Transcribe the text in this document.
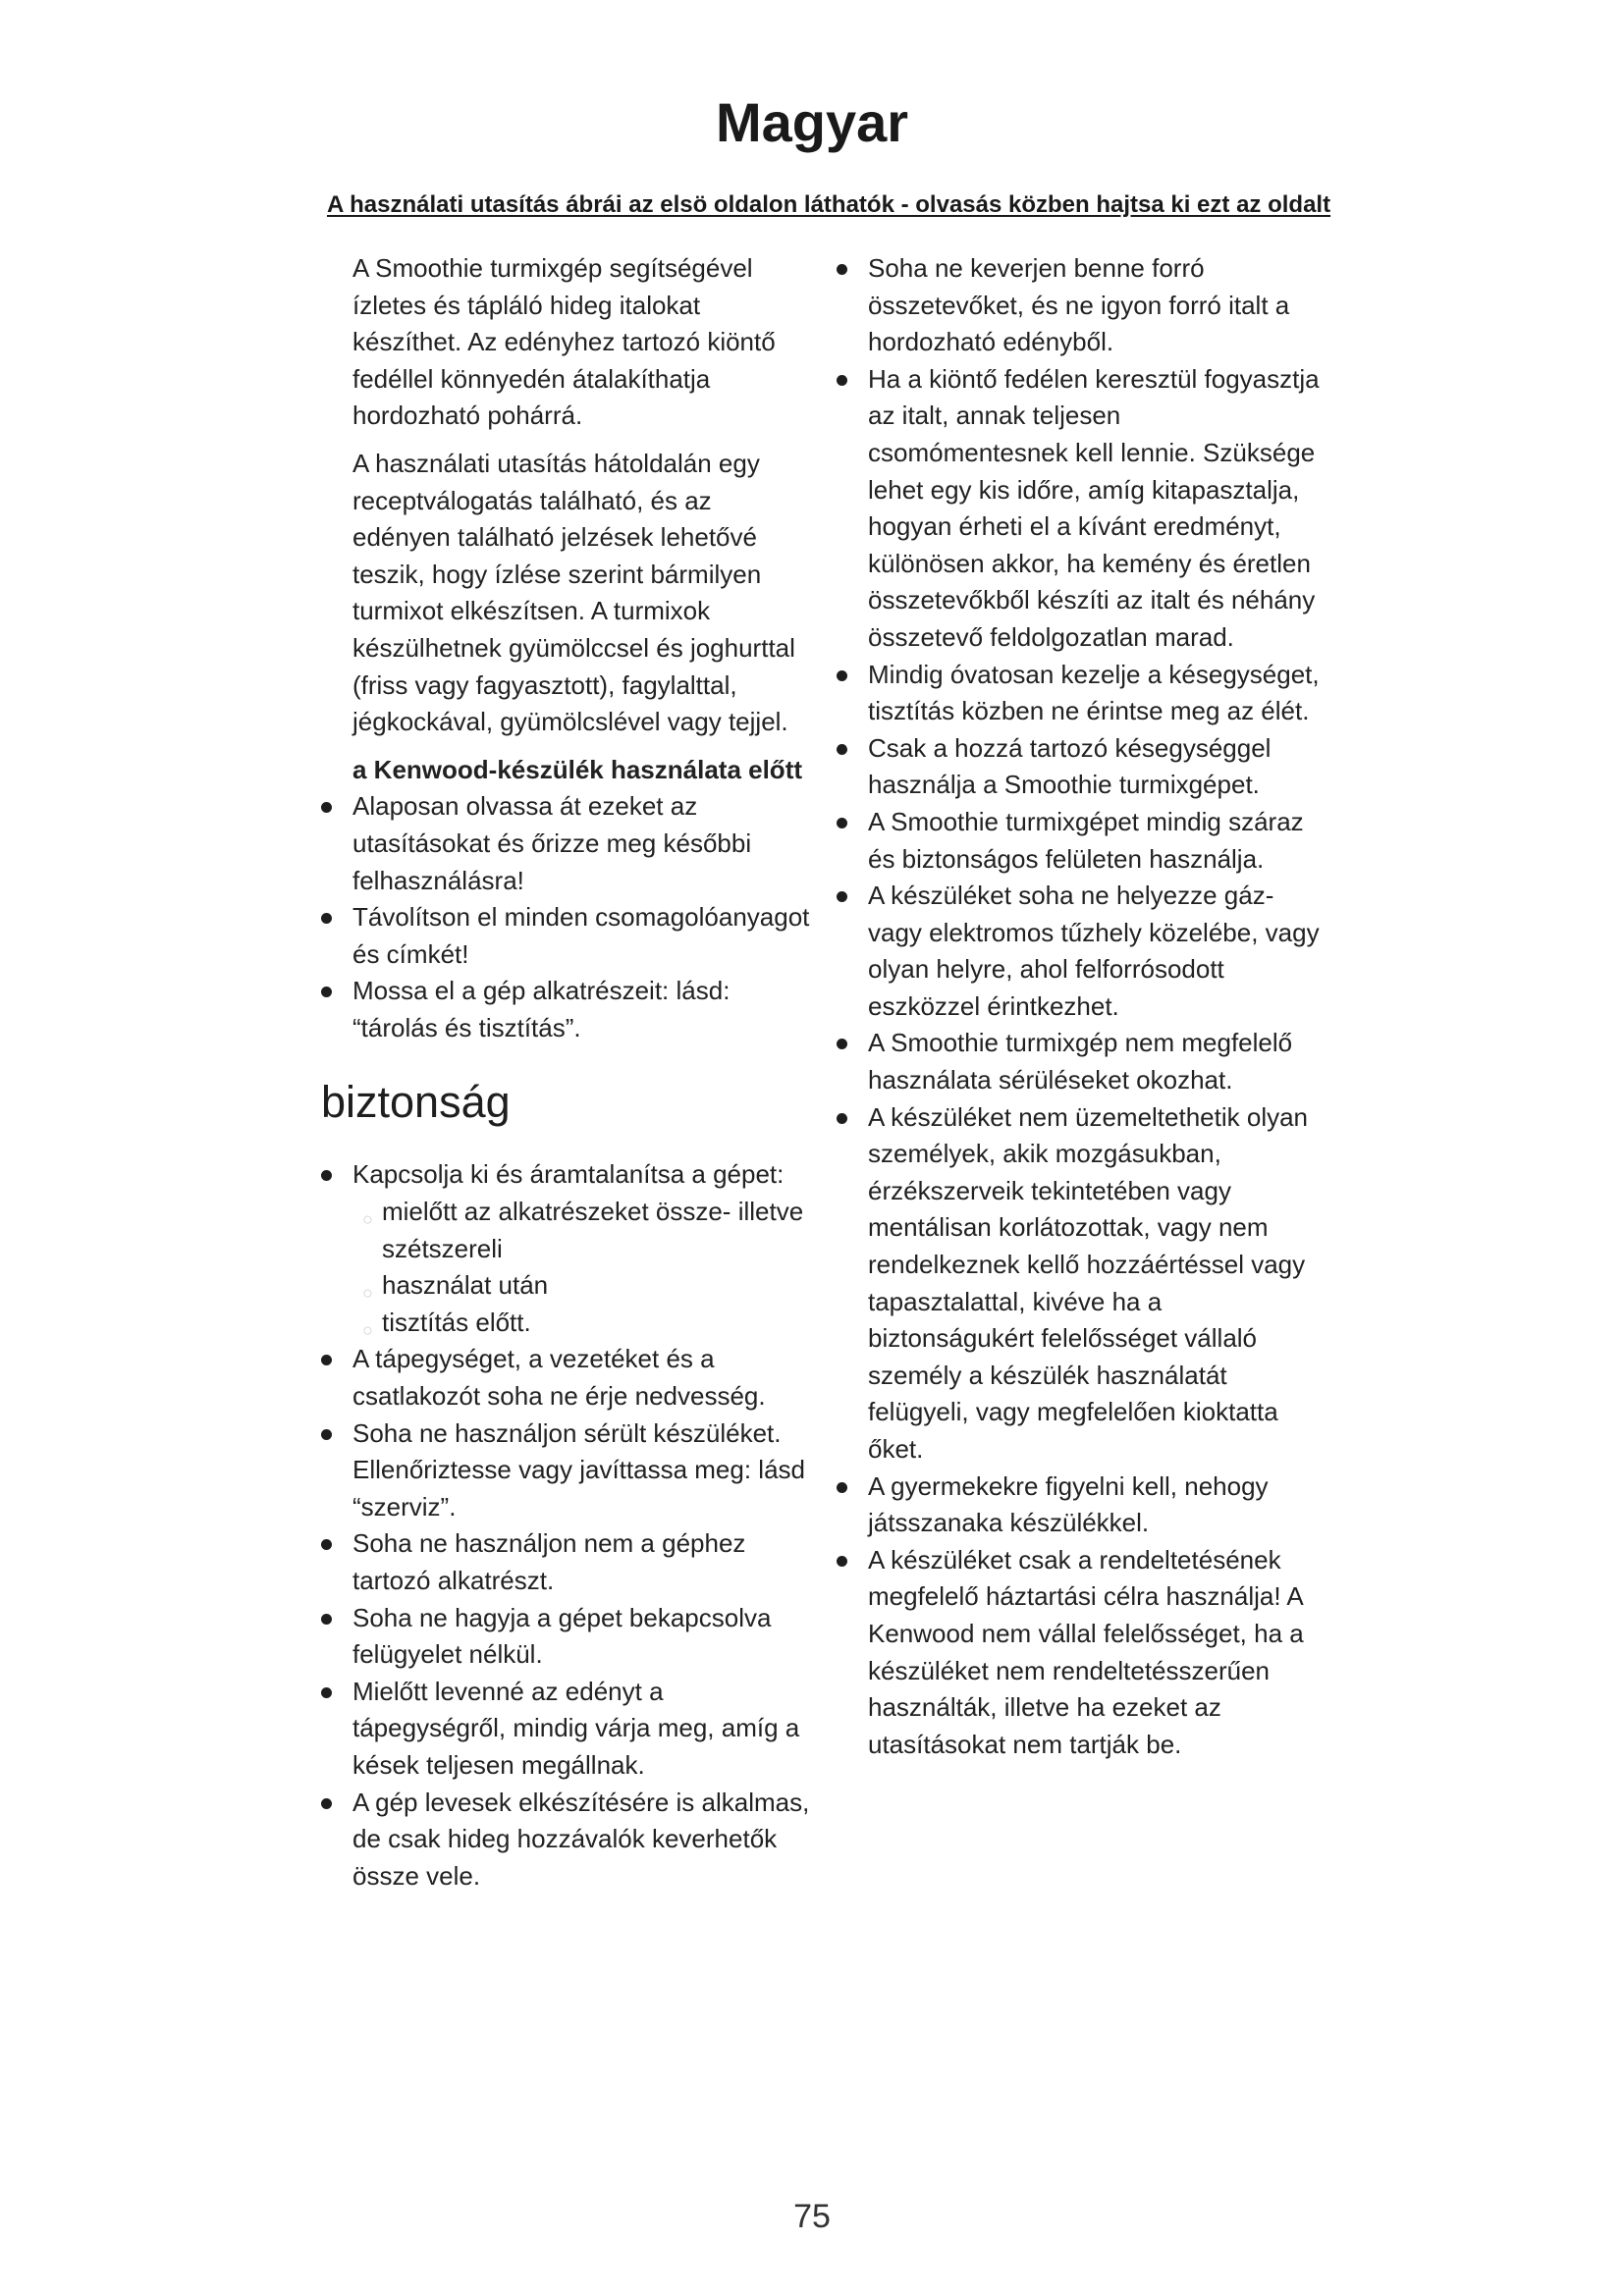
Magyar
A használati utasítás ábrái az elsö oldalon láthatók - olvasás közben hajtsa ki ezt az oldalt

A Smoothie turmixgép segítségével ízletes és tápláló hideg italokat készíthet. Az edényhez tartozó kiöntő fedéllel könnyedén átalakíthatja hordozható pohárrá.

A használati utasítás hátoldalán egy receptválogatás található, és az edényen található jelzések lehetővé teszik, hogy ízlése szerint bármilyen turmixot elkészítsen. A turmixok készülhetnek gyümölccsel és joghurttal (friss vagy fagyasztott), fagylalttal, jégkockával, gyümölcslével vagy tejjel.

a Kenwood-készülék használata előtt

Alaposan olvassa át ezeket az utasításokat és őrizze meg későbbi felhasználásra!
Távolítson el minden csomagolóanyagot és címkét!
Mossa el a gép alkatrészeit: lásd: “tárolás és tisztítás”.
biztonság
Kapcsolja ki és áramtalanítsa a gépet:
○ mielőtt az alkatrészeket össze- illetve szétszereli
○ használat után
○ tisztítás előtt.
A tápegységet, a vezetéket és a csatlakozót soha ne érje nedvesség.
Soha ne használjon sérült készüléket. Ellenőriztesse vagy javíttassa meg: lásd “szerviz”.
Soha ne használjon nem a géphez tartozó alkatrészt.
Soha ne hagyja a gépet bekapcsolva felügyelet nélkül.
Mielőtt levenné az edényt a tápegységről, mindig várja meg, amíg a kések teljesen megállnak.
A gép levesek elkészítésére is alkalmas, de csak hideg hozzávalók keverhetők össze vele.
Soha ne keverjen benne forró összetevőket, és ne igyon forró italt a hordozható edényből.
Ha a kiöntő fedélen keresztül fogyasztja az italt, annak teljesen csomómentesnek kell lennie. Szüksége lehet egy kis időre, amíg kitapasztalja, hogyan érheti el a kívánt eredményt, különösen akkor, ha kemény és éretlen összetevőkből készíti az italt és néhány összetevő feldolgozatlan marad.
Mindig óvatosan kezelje a késegységet, tisztítás közben ne érintse meg az élét.
Csak a hozzá tartozó késegységgel használja a Smoothie turmixgépet.
A Smoothie turmixgépet mindig száraz és biztonságos felületen használja.
A készüléket soha ne helyezze gáz- vagy elektromos tűzhely közelébe, vagy olyan helyre, ahol felforrósodott eszközzel érintkezhet.
A Smoothie turmixgép nem megfelelő használata sérüléseket okozhat.
A készüléket nem üzemeltethetik olyan személyek, akik mozgásukban, érzékszerveik tekintetében vagy mentálisan korlátozottak, vagy nem rendelkeznek kellő hozzáértéssel vagy tapasztalattal, kivéve ha a biztonságukért felelősséget vállaló személy a készülék használatát felügyeli, vagy megfelelően kioktatta őket.
A gyermekekre figyelni kell, nehogy játsszanaka készülékkel.
A készüléket csak a rendeltetésének megfelelő háztartási célra használja! A Kenwood nem vállal felelősséget, ha a készüléket nem rendeltetésszerűen használták, illetve ha ezeket az utasításokat nem tartják be.
75
